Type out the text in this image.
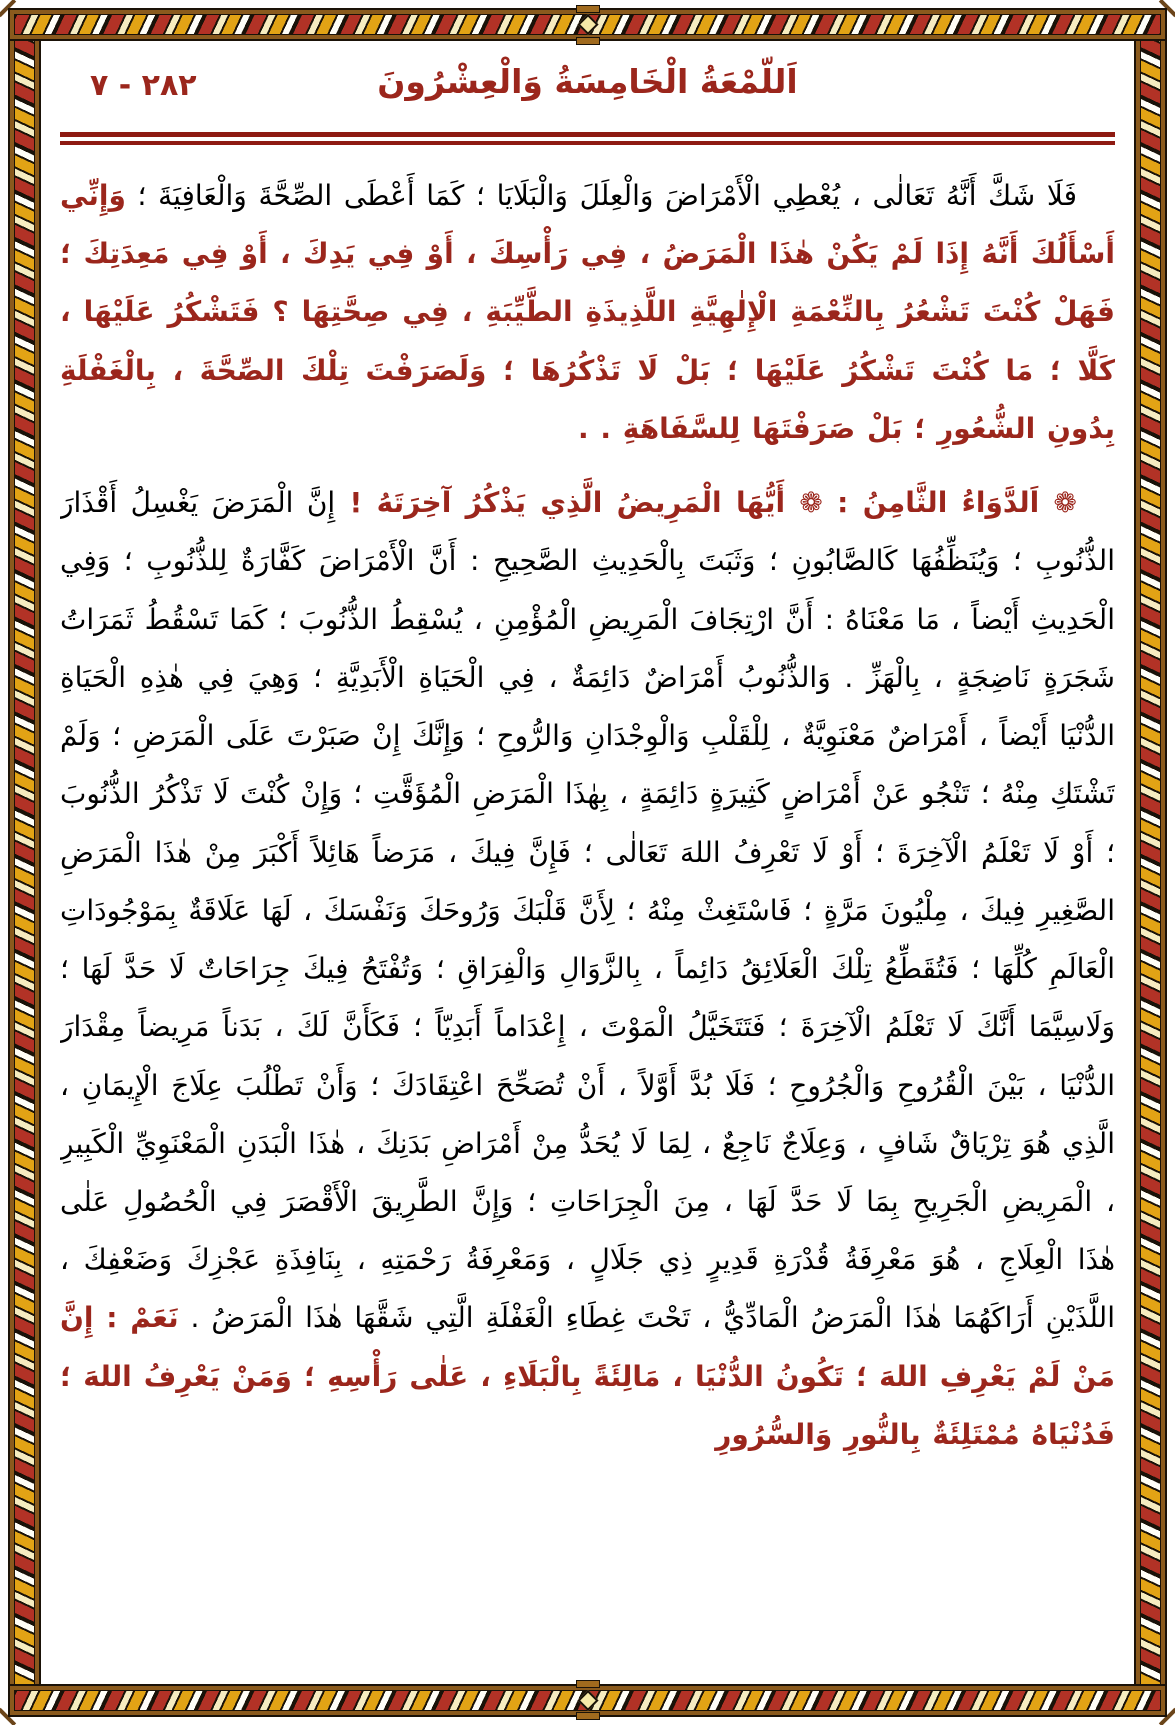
٢٨٢ - ٧	اَللَّمْعَةُ الْخَامِسَةُ وَالْعِشْرُونَ

فَلَا شَكَّ أَنَّهُ تَعَالٰى ، يُعْطِي الْأَمْرَاضَ وَالْعِلَلَ وَالْبَلَايَا ؛ كَمَا أَعْطَى الصِّحَّةَ وَالْعَافِيَةَ ؛ وَإِنِّي أَسْأَلُكَ أَنَّهُ إِذَا لَمْ يَكُنْ هٰذَا الْمَرَضُ ، فِي رَأْسِكَ ، أَوْ فِي يَدِكَ ، أَوْ فِي مَعِدَتِكَ ؛ فَهَلْ كُنْتَ تَشْعُرُ بِالنِّعْمَةِ الْإِلٰهِيَّةِ اللَّذِيذَةِ الطَّيِّبَةِ ، فِي صِحَّتِهَا ؟ فَتَشْكُرُ عَلَيْهَا ، كَلَّا ؛ مَا كُنْتَ تَشْكُرُ عَلَيْهَا ؛ بَلْ لَا تَذْكُرُهَا ؛ وَلَصَرَفْتَ تِلْكَ الصِّحَّةَ ، بِالْغَفْلَةِ بِدُونِ الشُّعُورِ ؛ بَلْ صَرَفْتَهَا لِلسَّفَاهَةِ . .

❁ اَلدَّوَاءُ الثَّامِنُ : ❁ أَيُّهَا الْمَرِيضُ الَّذِي يَذْكُرُ آخِرَتَهُ ! إِنَّ الْمَرَضَ يَغْسِلُ أَقْذَارَ الذُّنُوبِ ؛ وَيُنَظِّفُهَا كَالصَّابُونِ ؛ وَثَبَتَ بِالْحَدِيثِ الصَّحِيحِ : أَنَّ الْأَمْرَاضَ كَفَّارَةٌ لِلذُّنُوبِ ؛ وَفِي الْحَدِيثِ أَيْضاً ، مَا مَعْنَاهُ : أَنَّ ارْتِجَافَ الْمَرِيضِ الْمُؤْمِنِ ، يُسْقِطُ الذُّنُوبَ ؛ كَمَا تَسْقُطُ ثَمَرَاتُ شَجَرَةٍ نَاضِجَةٍ ، بِالْهَزِّ . وَالذُّنُوبُ أَمْرَاضٌ دَائِمَةٌ ، فِي الْحَيَاةِ الْأَبَدِيَّةِ ؛ وَهِيَ فِي هٰذِهِ الْحَيَاةِ الدُّنْيَا أَيْضاً ، أَمْرَاضٌ مَعْنَوِيَّةٌ ، لِلْقَلْبِ وَالْوِجْدَانِ وَالرُّوحِ ؛ وَإِنَّكَ إِنْ صَبَرْتَ عَلَى الْمَرَضِ ؛ وَلَمْ تَشْتَكِ مِنْهُ ؛ تَنْجُو عَنْ أَمْرَاضٍ كَثِيرَةٍ دَائِمَةٍ ، بِهٰذَا الْمَرَضِ الْمُؤَقَّتِ ؛ وَإِنْ كُنْتَ لَا تَذْكُرُ الذُّنُوبَ ؛ أَوْ لَا تَعْلَمُ الْآخِرَةَ ؛ أَوْ لَا تَعْرِفُ اللهَ تَعَالٰى ؛ فَإِنَّ فِيكَ ، مَرَضاً هَائِلاً أَكْبَرَ مِنْ هٰذَا الْمَرَضِ الصَّغِيرِ فِيكَ ، مِلْيُونَ مَرَّةٍ ؛ فَاسْتَغِثْ مِنْهُ ؛ لِأَنَّ قَلْبَكَ وَرُوحَكَ وَنَفْسَكَ ، لَهَا عَلَاقَةٌ بِمَوْجُودَاتِ الْعَالَمِ كُلِّهَا ؛ فَتُقَطِّعُ تِلْكَ الْعَلَائِقُ دَائِماً ، بِالزَّوَالِ وَالْفِرَاقِ ؛ وَتُفْتَحُ فِيكَ جِرَاحَاتٌ لَا حَدَّ لَهَا ؛ وَلَاسِيَّمَا أَنَّكَ لَا تَعْلَمُ الْآخِرَةَ ؛ فَتَتَخَيَّلُ الْمَوْتَ ، إِعْدَاماً أَبَدِيّاً ؛ فَكَأَنَّ لَكَ ، بَدَناً مَرِيضاً مِقْدَارَ الدُّنْيَا ، بَيْنَ الْقُرُوحِ وَالْجُرُوحِ ؛ فَلَا بُدَّ أَوَّلاً ، أَنْ تُصَحِّحَ اعْتِقَادَكَ ؛ وَأَنْ تَطْلُبَ عِلَاجَ الْإِيمَانِ ، الَّذِي هُوَ تِرْيَاقٌ شَافٍ ، وَعِلَاجٌ نَاجِعٌ ، لِمَا لَا يُحَدُّ مِنْ أَمْرَاضِ بَدَنِكَ ، هٰذَا الْبَدَنِ الْمَعْنَوِيِّ الْكَبِيرِ ، الْمَرِيضِ الْجَرِيحِ بِمَا لَا حَدَّ لَهَا ، مِنَ الْجِرَاحَاتِ ؛ وَإِنَّ الطَّرِيقَ الْأَقْصَرَ فِي الْحُصُولِ عَلٰى هٰذَا الْعِلَاجِ ، هُوَ مَعْرِفَةُ قُدْرَةِ قَدِيرٍ ذِي جَلَالٍ ، وَمَعْرِفَةُ رَحْمَتِهِ ، بِنَافِذَةِ عَجْزِكَ وَضَعْفِكَ ، اللَّذَيْنِ أَرَاكَهُمَا هٰذَا الْمَرَضُ الْمَادِّيُّ ، تَحْتَ غِطَاءِ الْغَفْلَةِ الَّتِي شَقَّهَا هٰذَا الْمَرَضُ . نَعَمْ : إِنَّ مَنْ لَمْ يَعْرِفِ اللهَ ؛ تَكُونُ الدُّنْيَا ، مَالِئَةً بِالْبَلَاءِ ، عَلٰى رَأْسِهِ ؛ وَمَنْ يَعْرِفُ اللهَ ؛ فَدُنْيَاهُ مُمْتَلِئَةٌ بِالنُّورِ وَالسُّرُورِ
